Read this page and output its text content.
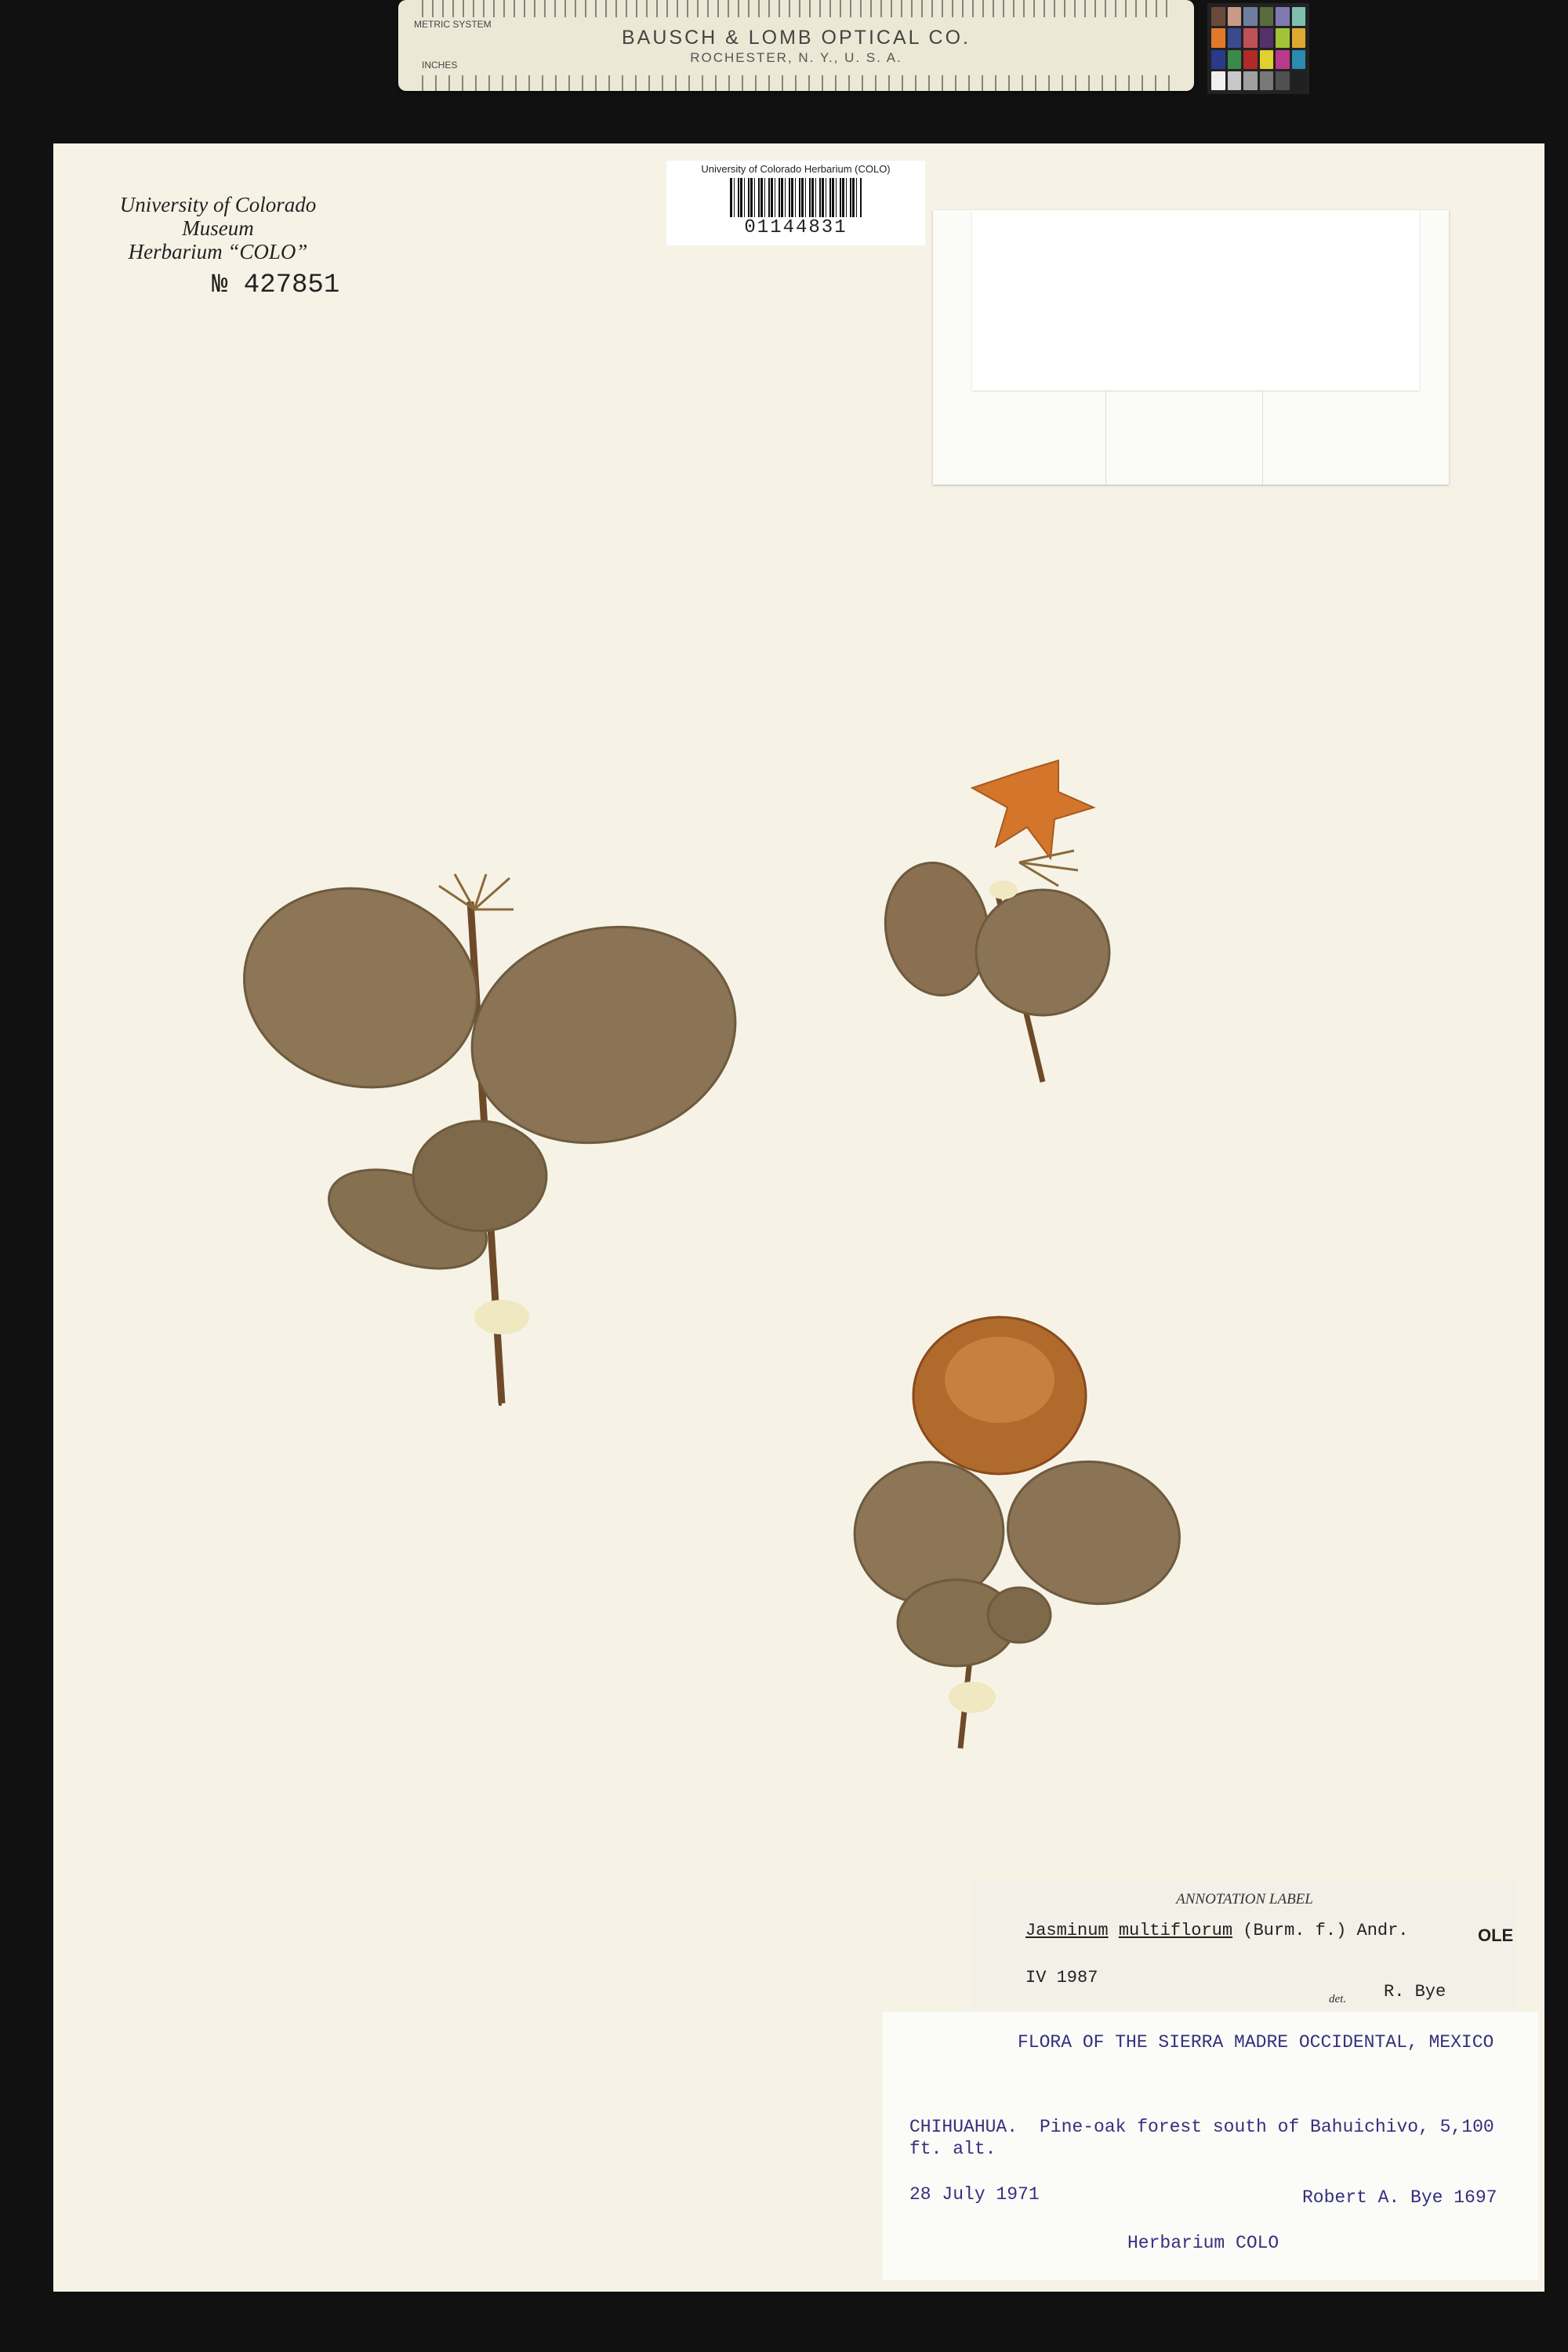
METRIC SYSTEM
BAUSCH & LOMB OPTICAL CO.
ROCHESTER, N. Y., U. S. A.
INCHES
University of Colorado Museum
Herbarium “COLO”
№ 427851
University of Colorado Herbarium (COLO)
01144831
ANNOTATION LABEL
Jasminum multiflorum (Burm. f.) Andr.	OLE
IV 1987
det. R. Bye
FLORA OF THE SIERRA MADRE OCCIDENTAL, MEXICO
CHIHUAHUA. Pine-oak forest south of Bahuichivo, 5,100
ft. alt.
28 July 1971	Robert A. Bye 1697
Herbarium COLO
